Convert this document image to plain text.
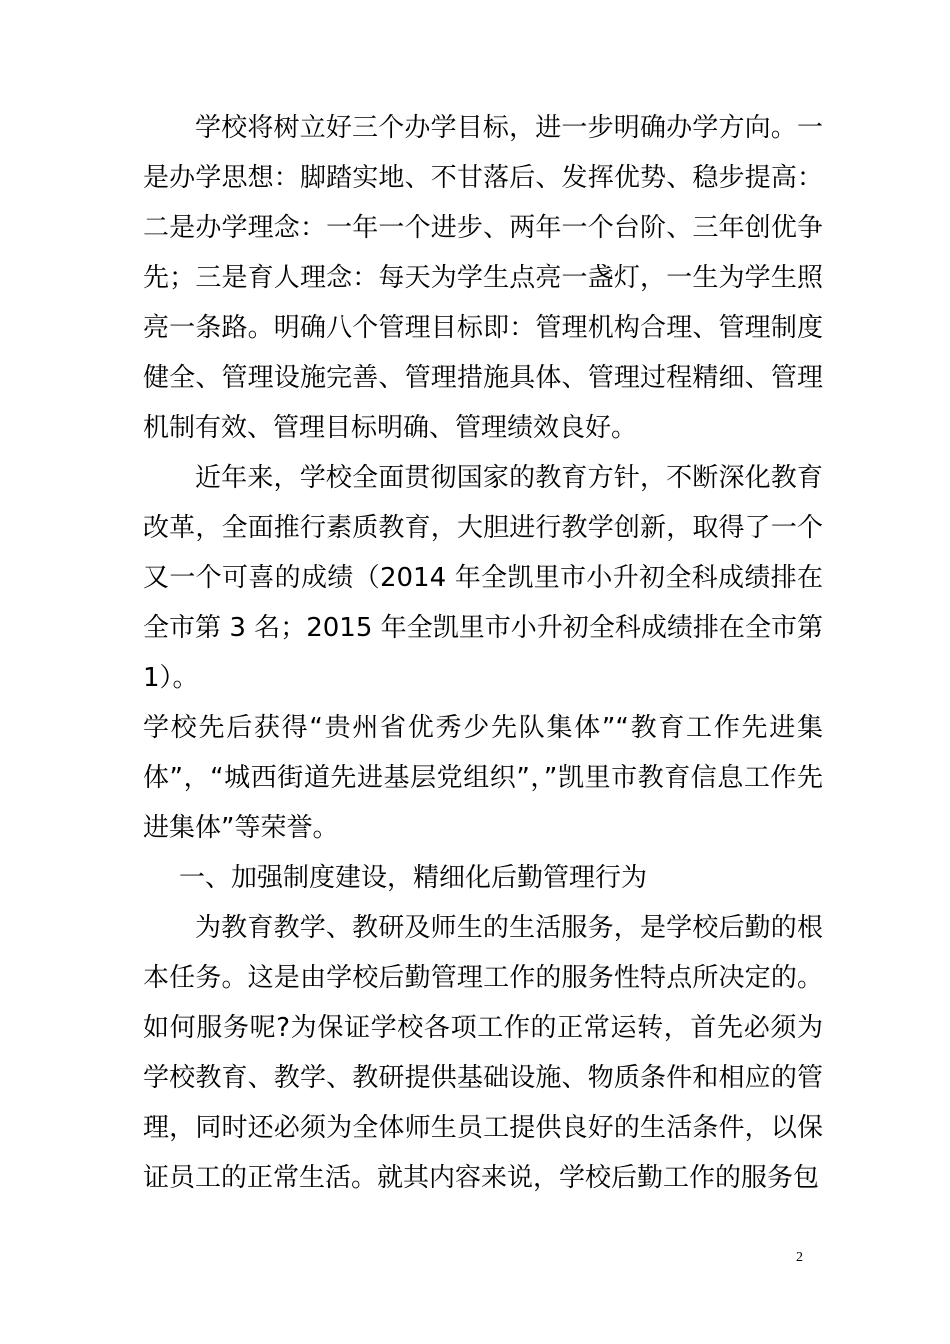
学校将树立好三个办学目标，进一步明确办学方向。一是办学思想：脚踏实地、不甘落后、发挥优势、稳步提高：二是办学理念：一年一个进步、两年一个台阶、三年创优争先；三是育人理念：每天为学生点亮一盏灯，一生为学生照亮一条路。明确八个管理目标即：管理机构合理、管理制度健全、管理设施完善、管理措施具体、管理过程精细、管理机制有效、管理目标明确、管理绩效良好。

近年来，学校全面贯彻国家的教育方针，不断深化教育改革，全面推行素质教育，大胆进行教学创新，取得了一个又一个可喜的成绩（2014 年全凯里市小升初全科成绩排在全市第 3 名；2015 年全凯里市小升初全科成绩排在全市第 1）。

学校先后获得“贵州省优秀少先队集体”“教育工作先进集体”，“城西街道先进基层党组织”，”凯里市教育信息工作先进集体”等荣誉。

一、加强制度建设，精细化后勤管理行为

为教育教学、教研及师生的生活服务，是学校后勤的根本任务。这是由学校后勤管理工作的服务性特点所决定的。如何服务呢?为保证学校各项工作的正常运转，首先必须为学校教育、教学、教研提供基础设施、物质条件和相应的管理，同时还必须为全体师生员工提供良好的生活条件，以保证员工的正常生活。就其内容来说，学校后勤工作的服务包

2
